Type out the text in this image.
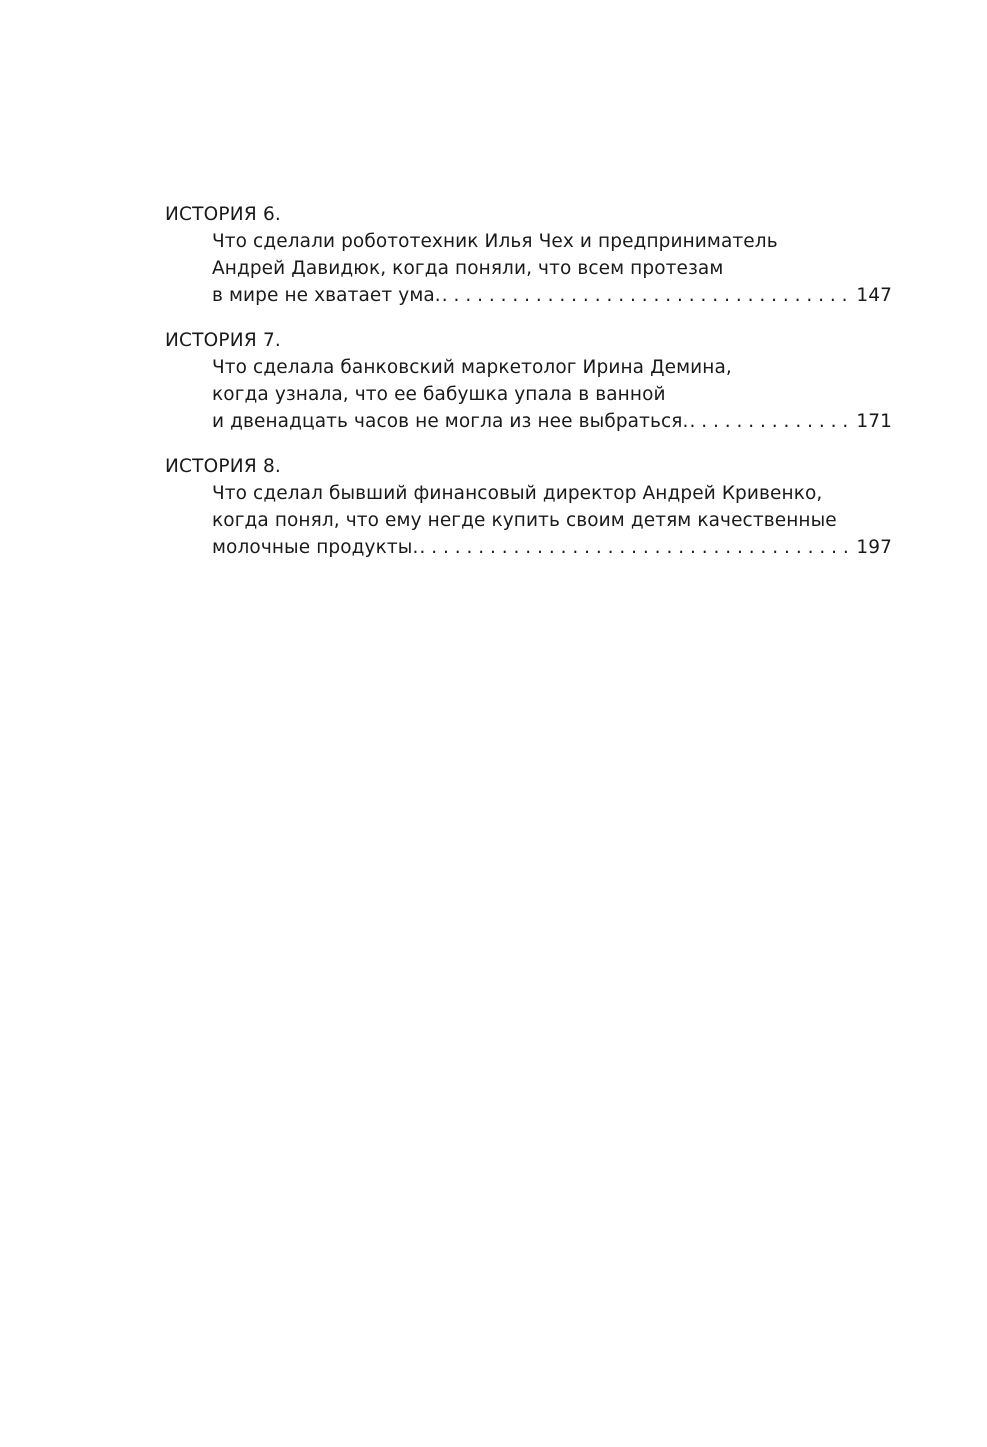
ИСТОРИЯ 6.
Что сделали робототехник Илья Чех и предприниматель
Андрей Давидюк, когда поняли, что всем протезам
в мире не хватает ума. . . .	147
ИСТОРИЯ 7.
Что сделала банковский маркетолог Ирина Демина,
когда узнала, что ее бабушка упала в ванной
и двенадцать часов не могла из нее выбраться. . . .	171
ИСТОРИЯ 8.
Что сделал бывший финансовый директор Андрей Кривенко,
когда понял, что ему негде купить своим детям качественные
молочные продукты. . . .	197
